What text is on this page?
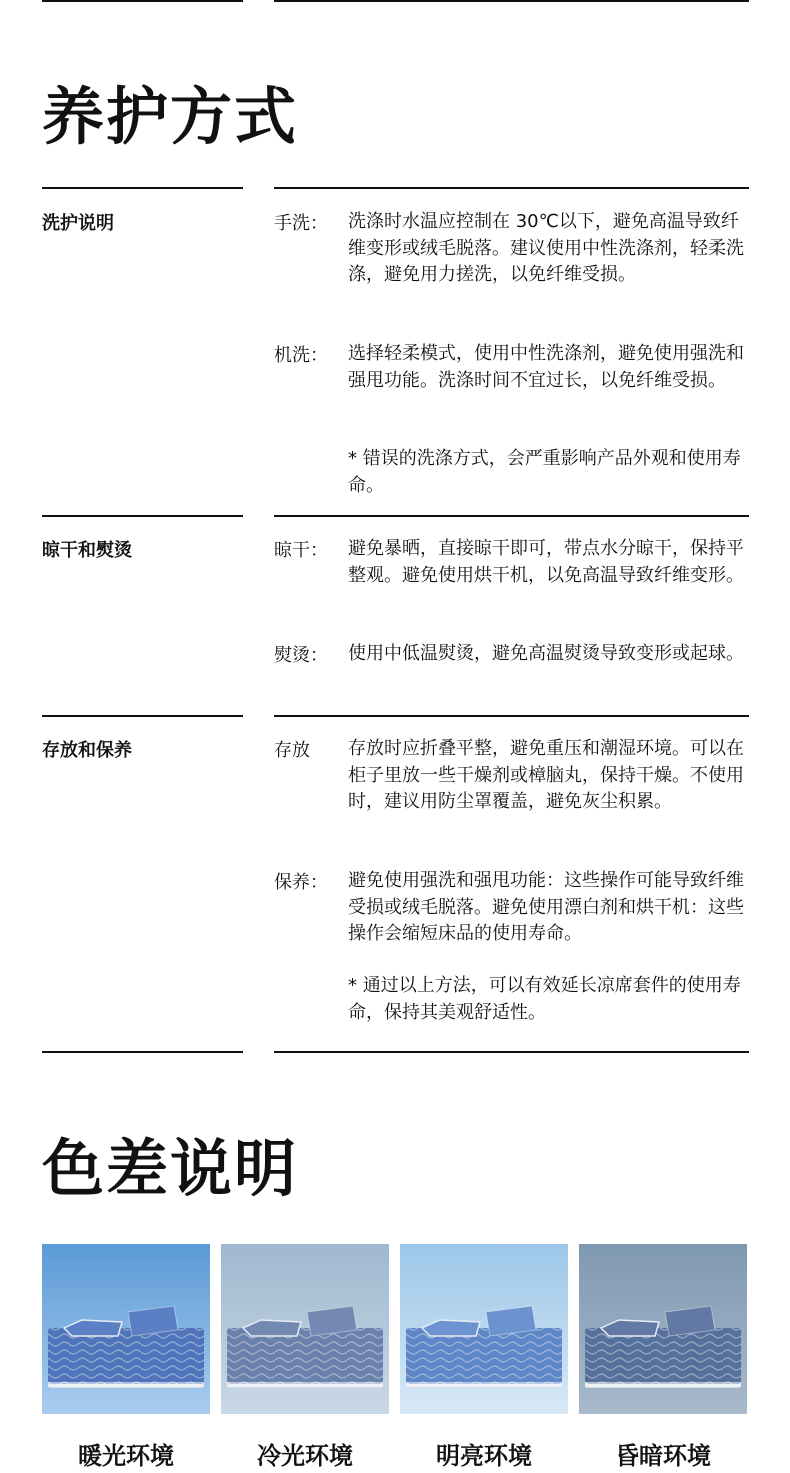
养护方式
洗护说明	手洗：	洗涤时水温应控制在 30℃以下，避免高温导致纤维变形或绒毛脱落。建议使用中性洗涤剂，轻柔洗涤，避免用力搓洗，以免纤维受损。
机洗：	选择轻柔模式，使用中性洗涤剂，避免使用强洗和强甩功能。洗涤时间不宜过长，以免纤维受损。
* 错误的洗涤方式，会严重影响产品外观和使用寿命。
晾干和熨烫	晾干：	避免暴晒，直接晾干即可，带点水分晾干，保持平整观。避免使用烘干机，以免高温导致纤维变形。
熨烫：	使用中低温熨烫，避免高温熨烫导致变形或起球。
存放和保养	存放	存放时应折叠平整，避免重压和潮湿环境。可以在柜子里放一些干燥剂或樟脑丸，保持干燥。不使用时，建议用防尘罩覆盖，避免灰尘积累。
保养：	避免使用强洗和强甩功能：这些操作可能导致纤维受损或绒毛脱落。避免使用漂白剂和烘干机：这些操作会缩短床品的使用寿命。
* 通过以上方法，可以有效延长凉席套件的使用寿命，保持其美观舒适性。
色差说明
暖光环境	冷光环境	明亮环境	昏暗环境
